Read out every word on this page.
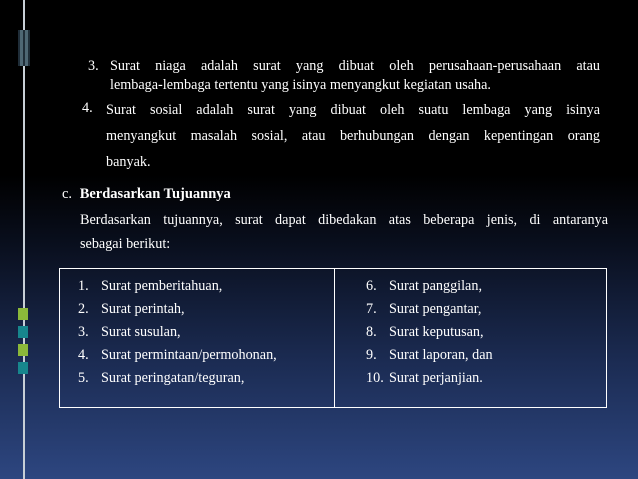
3. Surat niaga adalah surat yang dibuat oleh perusahaan-perusahaan atau
lembaga-lembaga tertentu yang isinya menyangkut kegiatan usaha.
4. Surat sosial adalah surat yang dibuat oleh suatu lembaga yang isinya
menyangkut masalah sosial, atau berhubungan dengan kepentingan orang
banyak.
c. Berdasarkan Tujuannya
Berdasarkan tujuannya, surat dapat dibedakan atas beberapa jenis, di antaranya
sebagai berikut:
1. Surat pemberitahuan,
2. Surat perintah,
3. Surat susulan,
4. Surat permintaan/permohonan,
5. Surat peringatan/teguran,
6. Surat panggilan,
7. Surat pengantar,
8. Surat keputusan,
9. Surat laporan, dan
10. Surat perjanjian.
